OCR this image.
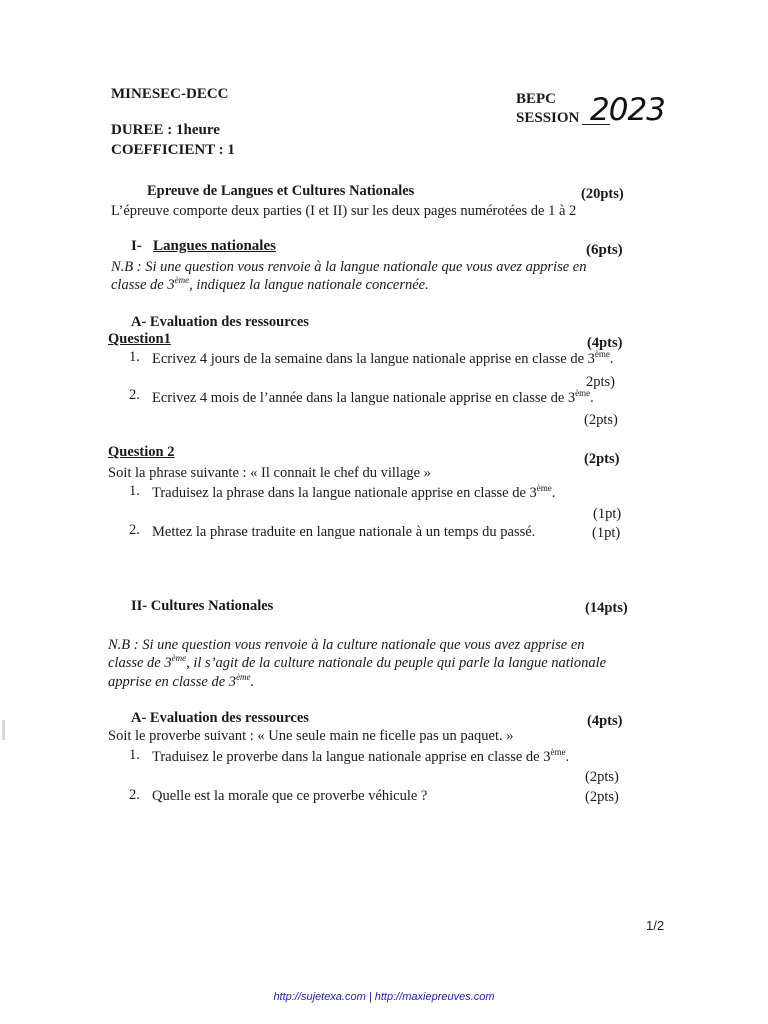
MINESEC-DECC
DUREE : 1heure
COEFFICIENT : 1
BEPC
SESSION 2023
Epreuve de Langues et Cultures Nationales	(20pts)
L’épreuve comporte deux parties (I et II) sur les deux pages numérotées de 1 à 2
I- Langues nationales	(6pts)
N.B : Si une question vous renvoie à la langue nationale que vous avez apprise en
classe de 3ème, indiquez la langue nationale concernée.
A- Evaluation des ressources
Question1	(4pts)
1. Ecrivez 4 jours de la semaine dans la langue nationale apprise en classe de 3ème.
2pts)
2. Ecrivez 4 mois de l’année dans la langue nationale apprise en classe de 3ème.
(2pts)
Question 2	(2pts)
Soit la phrase suivante : « Il connait le chef du village »
1. Traduisez la phrase dans la langue nationale apprise en classe de 3ème.
(1pt)
2. Mettez la phrase traduite en langue nationale à un temps du passé.	(1pt)
II- Cultures Nationales	(14pts)
N.B : Si une question vous renvoie à la culture nationale que vous avez apprise en
classe de 3ème, il s’agit de la culture nationale du peuple qui parle la langue nationale
apprise en classe de 3ème.
A- Evaluation des ressources	(4pts)
Soit le proverbe suivant : « Une seule main ne ficelle pas un paquet. »
1. Traduisez le proverbe dans la langue nationale apprise en classe de 3ème.
(2pts)
2. Quelle est la morale que ce proverbe véhicule ?	(2pts)
1/2
http://sujetexa.com | http://maxiepreuves.com
